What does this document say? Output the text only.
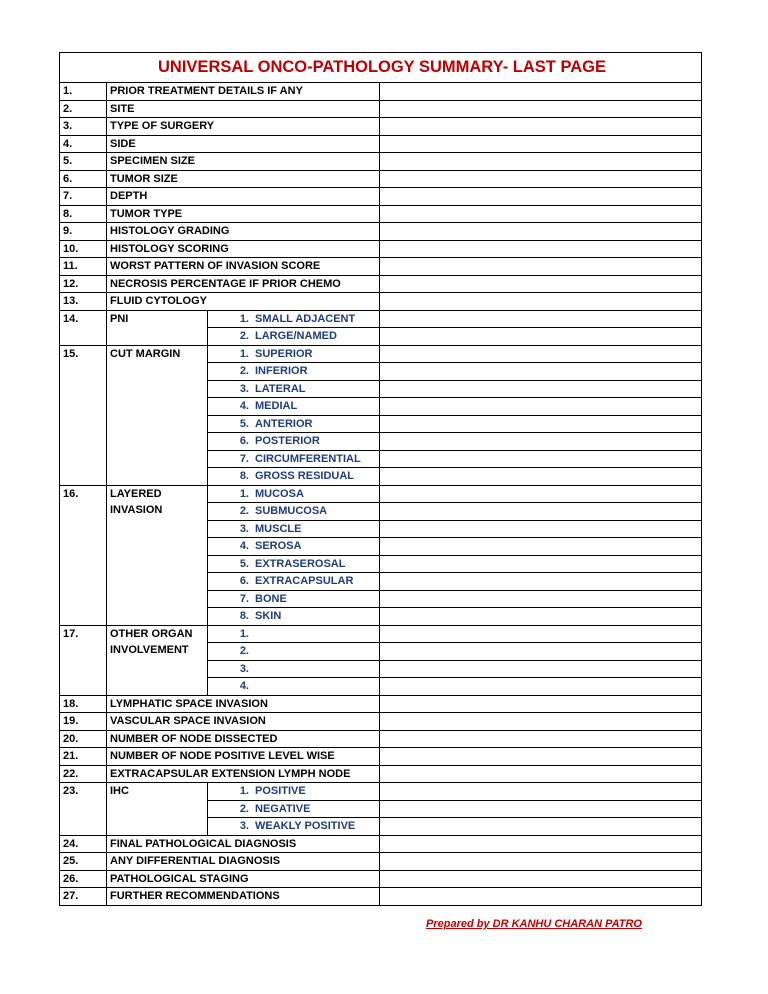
UNIVERSAL ONCO-PATHOLOGY SUMMARY- LAST PAGE			
1.	PRIOR TREATMENT DETAILS IF ANY		
2.	SITE		
3.	TYPE OF SURGERY		
4.	SIDE		
5.	SPECIMEN SIZE		
6.	TUMOR SIZE		
7.	DEPTH		
8.	TUMOR TYPE		
9.	HISTOLOGY GRADING		
10.	HISTOLOGY SCORING		
11.	WORST PATTERN OF INVASION SCORE		
12.	NECROSIS PERCENTAGE IF PRIOR CHEMO		
13.	FLUID CYTOLOGY		
14.	PNI	1. SMALL ADJACENT	
		2. LARGE/NAMED	
15.	CUT MARGIN	1. SUPERIOR	
		2. INFERIOR	
		3. LATERAL	
		4. MEDIAL	
		5. ANTERIOR	
		6. POSTERIOR	
		7. CIRCUMFERENTIAL	
		8. GROSS RESIDUAL	
16.	LAYERED INVASION	1. MUCOSA	
		2. SUBMUCOSA	
		3. MUSCLE	
		4. SEROSA	
		5. EXTRASEROSAL	
		6. EXTRACAPSULAR	
		7. BONE	
		8. SKIN	
17.	OTHER ORGAN INVOLVEMENT	1.	
		2.	
		3.	
		4.	
18.	LYMPHATIC SPACE INVASION		
19.	VASCULAR SPACE INVASION		
20.	NUMBER OF NODE DISSECTED		
21.	NUMBER OF NODE POSITIVE LEVEL WISE		
22.	EXTRACAPSULAR EXTENSION LYMPH NODE		
23.	IHC	1. POSITIVE	
		2. NEGATIVE	
		3. WEAKLY POSITIVE	
24.	FINAL PATHOLOGICAL DIAGNOSIS		
25.	ANY DIFFERENTIAL DIAGNOSIS		
26.	PATHOLOGICAL STAGING		
27.	FURTHER RECOMMENDATIONS		
Prepared by DR KANHU CHARAN PATRO
